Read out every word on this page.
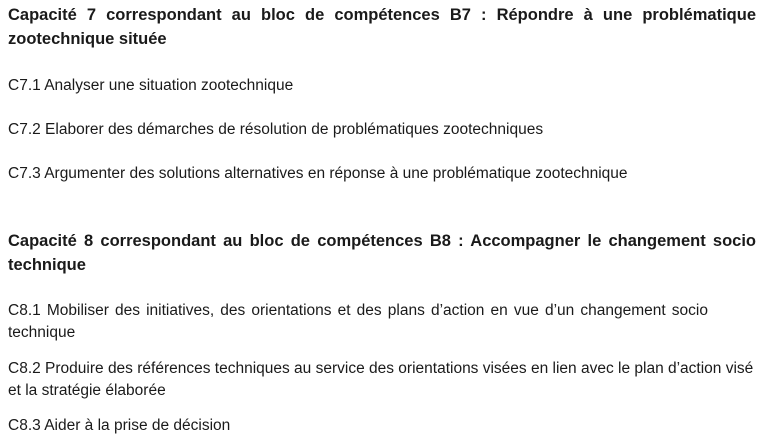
Capacité 7 correspondant au bloc de compétences B7 : Répondre à une problématique zootechnique située

C7.1 Analyser une situation zootechnique

C7.2 Elaborer des démarches de résolution de problématiques zootechniques

C7.3 Argumenter des solutions alternatives en réponse à une problématique zootechnique

Capacité 8 correspondant au bloc de compétences B8 : Accompagner le changement socio technique

C8.1 Mobiliser des initiatives, des orientations et des plans d’action en vue d’un changement socio technique

C8.2 Produire des références techniques au service des orientations visées en lien avec le plan d’action visé et la stratégie élaborée

C8.3 Aider à la prise de décision
